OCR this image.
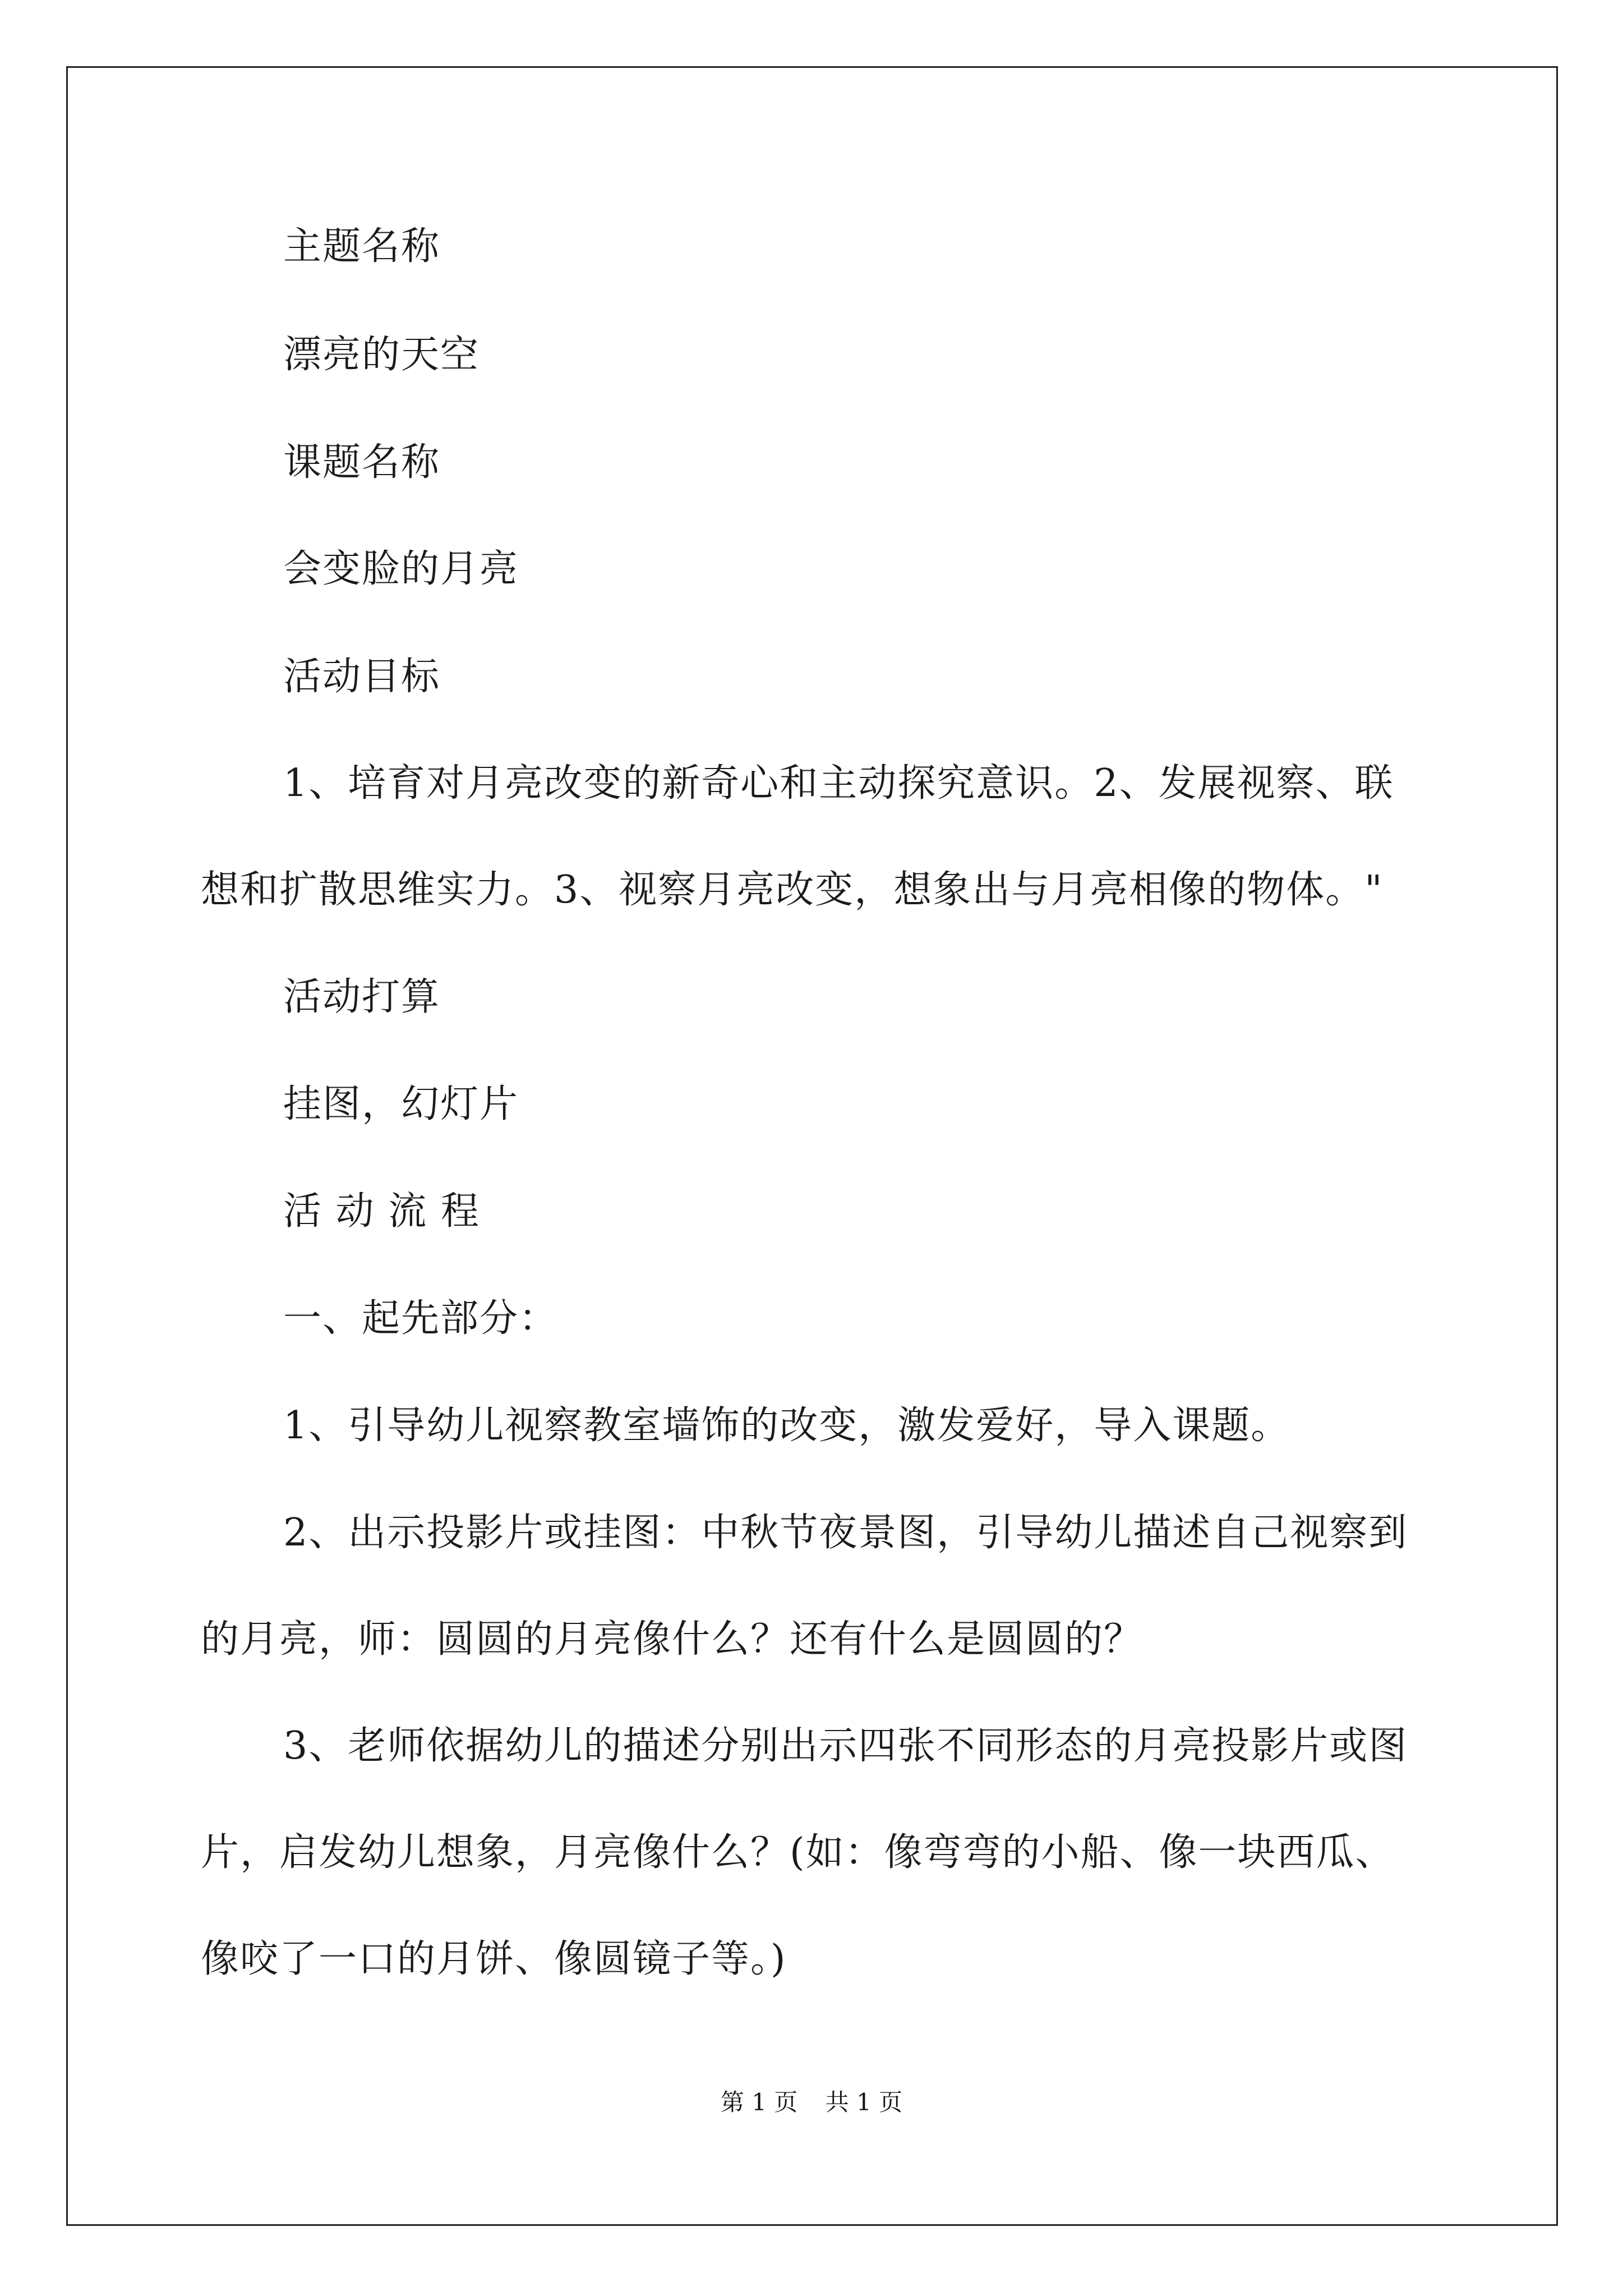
主题名称
漂亮的天空
课题名称
会变脸的月亮
活动目标
1、培育对月亮改变的新奇心和主动探究意识。2、发展视察、联
想和扩散思维实力。3、视察月亮改变，想象出与月亮相像的物体。"
活动打算
挂图，幻灯片
活 动 流 程
一、起先部分：
1、引导幼儿视察教室墙饰的改变，激发爱好，导入课题。
2、出示投影片或挂图：中秋节夜景图，引导幼儿描述自己视察到
的月亮，师：圆圆的月亮像什么？还有什么是圆圆的？
3、老师依据幼儿的描述分别出示四张不同形态的月亮投影片或图
片，启发幼儿想象，月亮像什么？(如：像弯弯的小船、像一块西瓜、
像咬了一口的月饼、像圆镜子等。)
第 1 页 共 1 页
